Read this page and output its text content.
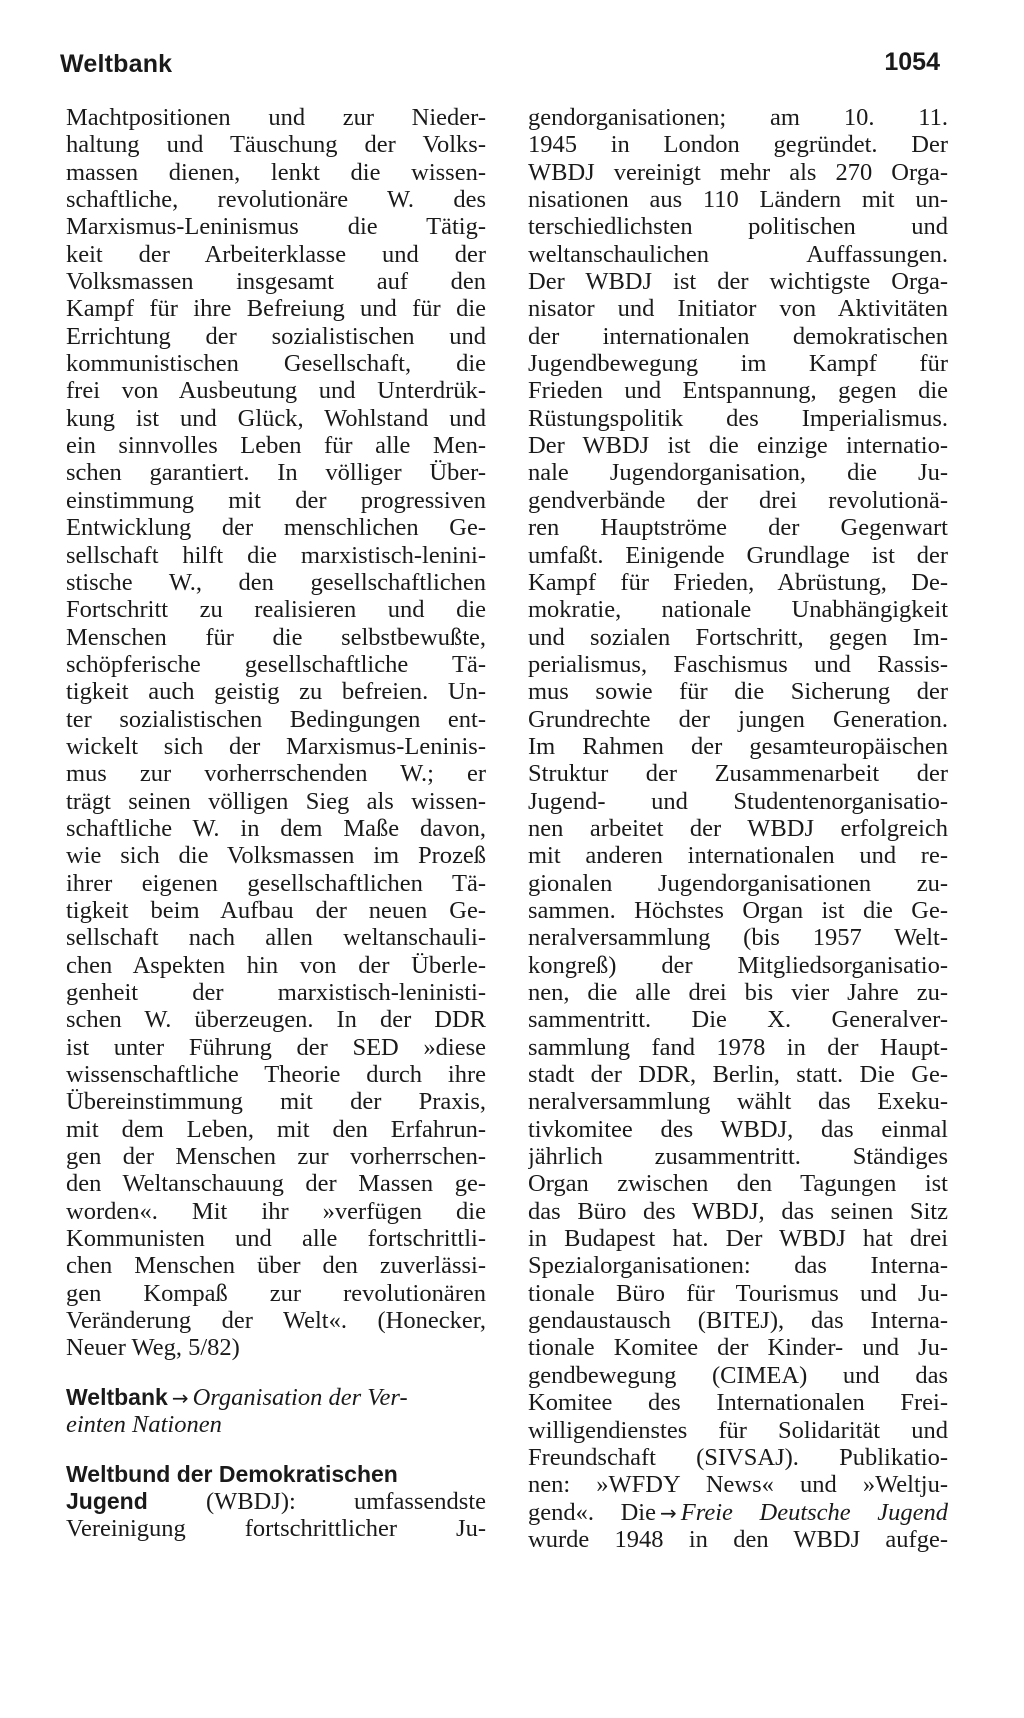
Weltbank	1054
Machtpositionen und zur Nieder-
haltung und Täuschung der Volks-
massen dienen, lenkt die wissen-
schaftliche, revolutionäre W. des
Marxismus-Leninismus die Tätig-
keit der Arbeiterklasse und der
Volksmassen insgesamt auf den
Kampf für ihre Befreiung und für die
Errichtung der sozialistischen und
kommunistischen Gesellschaft, die
frei von Ausbeutung und Unterdrük-
kung ist und Glück, Wohlstand und
ein sinnvolles Leben für alle Men-
schen garantiert. In völliger Über-
einstimmung mit der progressiven
Entwicklung der menschlichen Ge-
sellschaft hilft die marxistisch-lenini-
stische W., den gesellschaftlichen
Fortschritt zu realisieren und die
Menschen für die selbstbewußte,
schöpferische gesellschaftliche Tä-
tigkeit auch geistig zu befreien. Un-
ter sozialistischen Bedingungen ent-
wickelt sich der Marxismus-Leninis-
mus zur vorherrschenden W.; er
trägt seinen völligen Sieg als wissen-
schaftliche W. in dem Maße davon,
wie sich die Volksmassen im Prozeß
ihrer eigenen gesellschaftlichen Tä-
tigkeit beim Aufbau der neuen Ge-
sellschaft nach allen weltanschauli-
chen Aspekten hin von der Überle-
genheit der marxistisch-leninisti-
schen W. überzeugen. In der DDR
ist unter Führung der SED »diese
wissenschaftliche Theorie durch ihre
Übereinstimmung mit der Praxis,
mit dem Leben, mit den Erfahrun-
gen der Menschen zur vorherrschen-
den Weltanschauung der Massen ge-
worden«. Mit ihr »verfügen die
Kommunisten und alle fortschrittli-
chen Menschen über den zuverlässi-
gen Kompaß zur revolutionären
Veränderung der Welt«. (Honecker,
Neuer Weg, 5/82)
Weltbank → Organisation der Ver-
einten Nationen
Weltbund der Demokratischen
Jugend (WBDJ): umfassendste
Vereinigung fortschrittlicher Ju-
gendorganisationen; am 10. 11.
1945 in London gegründet. Der
WBDJ vereinigt mehr als 270 Orga-
nisationen aus 110 Ländern mit un-
terschiedlichsten politischen und
weltanschaulichen Auffassungen.
Der WBDJ ist der wichtigste Orga-
nisator und Initiator von Aktivitäten
der internationalen demokratischen
Jugendbewegung im Kampf für
Frieden und Entspannung, gegen die
Rüstungspolitik des Imperialismus.
Der WBDJ ist die einzige internatio-
nale Jugendorganisation, die Ju-
gendverbände der drei revolutionä-
ren Hauptströme der Gegenwart
umfaßt. Einigende Grundlage ist der
Kampf für Frieden, Abrüstung, De-
mokratie, nationale Unabhängigkeit
und sozialen Fortschritt, gegen Im-
perialismus, Faschismus und Rassis-
mus sowie für die Sicherung der
Grundrechte der jungen Generation.
Im Rahmen der gesamteuropäischen
Struktur der Zusammenarbeit der
Jugend- und Studentenorganisatio-
nen arbeitet der WBDJ erfolgreich
mit anderen internationalen und re-
gionalen Jugendorganisationen zu-
sammen. Höchstes Organ ist die Ge-
neralversammlung (bis 1957 Welt-
kongreß) der Mitgliedsorganisatio-
nen, die alle drei bis vier Jahre zu-
sammentritt. Die X. Generalver-
sammlung fand 1978 in der Haupt-
stadt der DDR, Berlin, statt. Die Ge-
neralversammlung wählt das Exeku-
tivkomitee des WBDJ, das einmal
jährlich zusammentritt. Ständiges
Organ zwischen den Tagungen ist
das Büro des WBDJ, das seinen Sitz
in Budapest hat. Der WBDJ hat drei
Spezialorganisationen: das Interna-
tionale Büro für Tourismus und Ju-
gendaustausch (BITEJ), das Interna-
tionale Komitee der Kinder- und Ju-
gendbewegung (CIMEA) und das
Komitee des Internationalen Frei-
willigendienstes für Solidarität und
Freundschaft (SIVSAJ). Publikatio-
nen: »WFDY News« und »Weltju-
gend«. Die → Freie Deutsche Jugend
wurde 1948 in den WBDJ aufge-
